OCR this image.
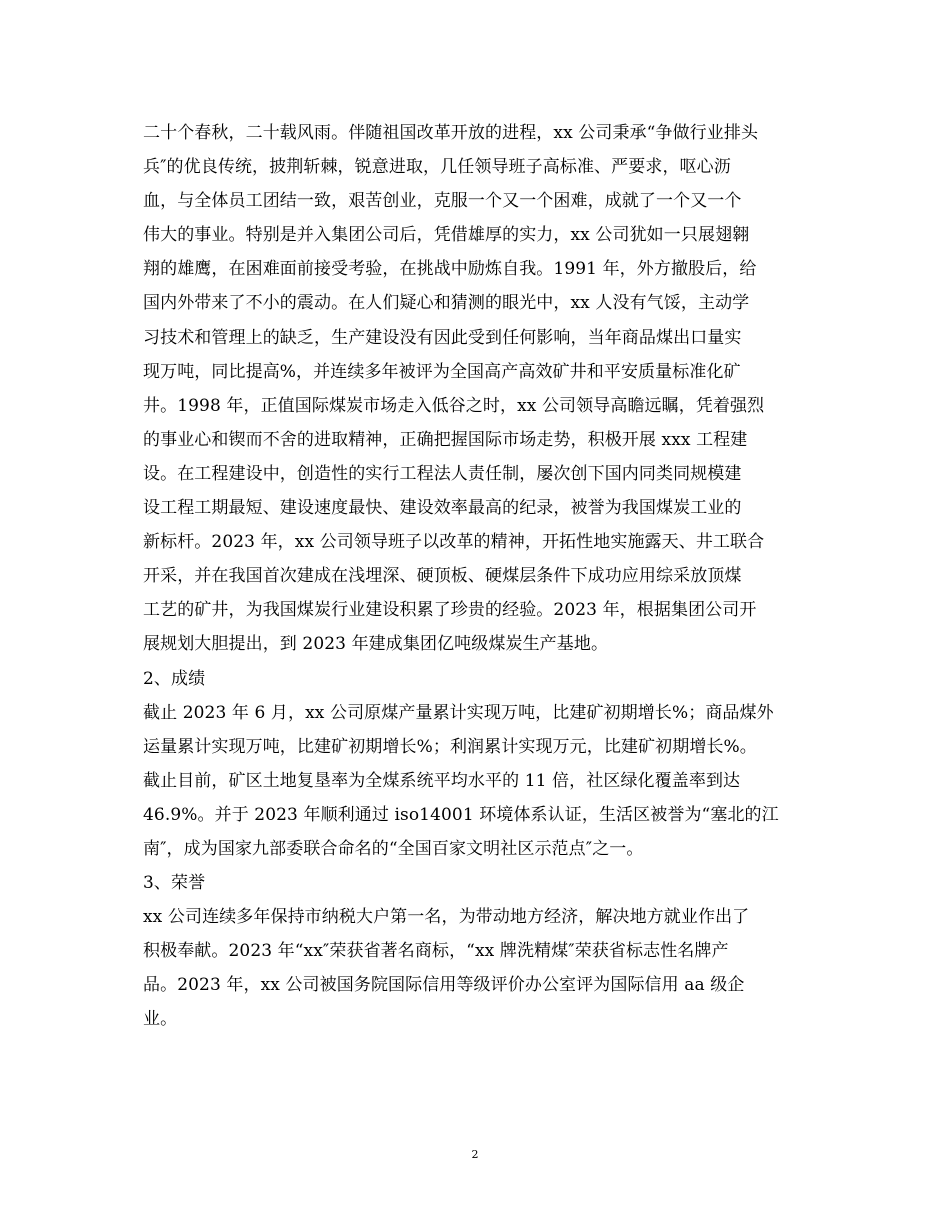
二十个春秋，二十载风雨。伴随祖国改革开放的进程，xx 公司秉承“争做行业排头
兵″的优良传统，披荆斩棘，锐意进取，几任领导班子高标准、严要求，呕心沥
血，与全体员工团结一致，艰苦创业，克服一个又一个困难，成就了一个又一个
伟大的事业。特别是并入集团公司后，凭借雄厚的实力，xx 公司犹如一只展翅翱
翔的雄鹰，在困难面前接受考验，在挑战中励炼自我。1991 年，外方撤股后，给
国内外带来了不小的震动。在人们疑心和猜测的眼光中，xx 人没有气馁，主动学
习技术和管理上的缺乏，生产建设没有因此受到任何影响，当年商品煤出口量实
现万吨，同比提高%，并连续多年被评为全国高产高效矿井和平安质量标准化矿
井。1998 年，正值国际煤炭市场走入低谷之时，xx 公司领导高瞻远瞩，凭着强烈
的事业心和锲而不舍的进取精神，正确把握国际市场走势，积极开展 xxx 工程建
设。在工程建设中，创造性的实行工程法人责任制，屡次创下国内同类同规模建
设工程工期最短、建设速度最快、建设效率最高的纪录，被誉为我国煤炭工业的
新标杆。2023 年，xx 公司领导班子以改革的精神，开拓性地实施露天、井工联合
开采，并在我国首次建成在浅埋深、硬顶板、硬煤层条件下成功应用综采放顶煤
工艺的矿井，为我国煤炭行业建设积累了珍贵的经验。2023 年，根据集团公司开
展规划大胆提出，到 2023 年建成集团亿吨级煤炭生产基地。
2、成绩
截止 2023 年 6 月，xx 公司原煤产量累计实现万吨，比建矿初期增长%；商品煤外
运量累计实现万吨，比建矿初期增长%；利润累计实现万元，比建矿初期增长%。
截止目前，矿区土地复垦率为全煤系统平均水平的 11 倍，社区绿化覆盖率到达
46.9%。并于 2023 年顺利通过 iso14001 环境体系认证，生活区被誉为“塞北的江
南″，成为国家九部委联合命名的“全国百家文明社区示范点″之一。
3、荣誉
xx 公司连续多年保持市纳税大户第一名，为带动地方经济，解决地方就业作出了
积极奉献。2023 年“xx″荣获省著名商标，“xx 牌洗精煤″荣获省标志性名牌产
品。2023 年，xx 公司被国务院国际信用等级评价办公室评为国际信用 aa 级企
业。
2
